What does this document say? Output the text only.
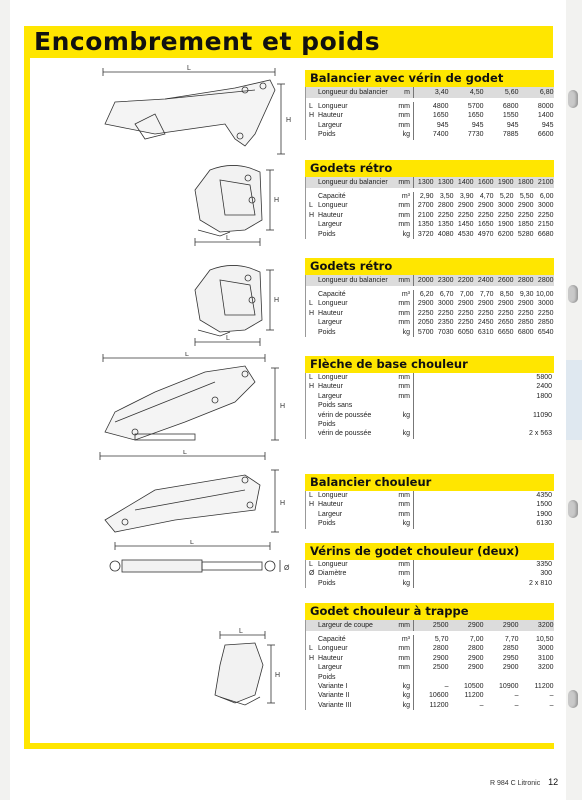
Encombrement et poids
L
H
H
L
H
L
L
H
L
H
L
Ø
L
H
Balancier avec vérin de godet
Longueur du balancier	m	3,40	4,50	5,60	6,80
L Longueur	mm	4800	5700	6800	8000
H Hauteur	mm	1650	1650	1550	1400
Largeur	mm	945	945	945	945
Poids	kg	7400	7730	7885	6600
Godets rétro
Longueur du balancier	mm	1300 1300 1400 1600 1900 1800 2100
Capacité	m³	2,90 3,50 3,90 4,70 5,20 5,50 6,00
L Longueur	mm	2700 2800 2900 2900 3000 2900 3000
H Hauteur	mm	2100 2250 2250 2250 2250 2250 2250
Largeur	mm	1350 1350 1450 1650 1900 1850 2150
Poids	kg	3720 4080 4530 4970 6200 5280 6680
Godets rétro
Longueur du balancier	mm	2000 2300 2200 2400 2600 2800 2800
Capacité	m³	6,20 6,70 7,00 7,70 8,50 9,30 10,00
L Longueur	mm	2900 3000 2900 2900 2900 2900 3000
H Hauteur	mm	2250 2250 2250 2250 2250 2250 2250
Largeur	mm	2050 2350 2250 2450 2650 2850 2850
Poids	kg	5700 7030 6050 6310 6650 6800 6540
Flèche de base chouleur
L Longueur	mm	5800
H Hauteur	mm	2400
Largeur	mm	1800
Poids sans
vérin de poussée	kg	11090
Poids
vérin de poussée	kg	2 x 563
Balancier chouleur
L Longueur	mm	4350
H Hauteur	mm	1500
Largeur	mm	1900
Poids	kg	6130
Vérins de godet chouleur (deux)
L Longueur	mm	3350
Ø Diamètre	mm	300
Poids	kg	2 x 810
Godet chouleur à trappe
Largeur de coupe	mm	2500	2900	2900	3200
Capacité	m³	5,70	7,00	7,70	10,50
L Longueur	mm	2800	2800	2850	3000
H Hauteur	mm	2900	2900	2950	3100
Largeur	mm	2500	2900	2900	3200
Poids
Variante I	kg	–	10500	10900	11200
Variante II	kg	10600	11200	–	–
Variante III	kg	11200	–	–	–
R 984 C Litronic 12
